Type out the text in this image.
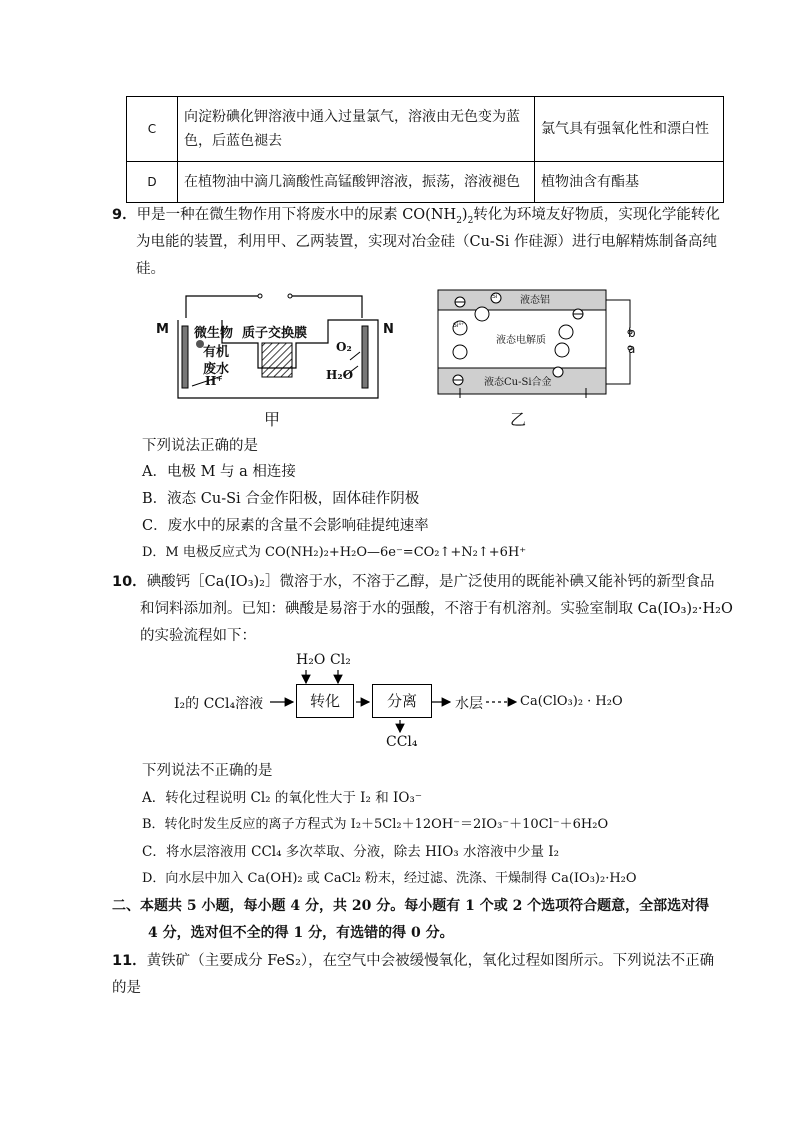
C	向淀粉碘化钾溶液中通入过量氯气，溶液由无色变为蓝色，后蓝色褪去	氯气具有强氧化性和漂白性
D	在植物油中滴几滴酸性高锰酸钾溶液，振荡，溶液褪色	植物油含有酯基
9．甲是一种在微生物作用下将废水中的尿素 $CO(NH_2)_2$转化为环境友好物质，实现化学能转化
为电能的装置，利用甲、乙两装置，实现对冶金硅（Cu-Si 作硅源）进行电解精炼制备高纯
硅。
M	N
微生物
有机
废水
H⁺
质子交换膜
O₂
H₂O
甲
液态铝
液态电解质
液态Cu-Si合金
b
a
Si⁴⁺
Si
乙
下列说法正确的是
A．电极 M 与 a 相连接
B．液态 Cu-Si 合金作阳极，固体硅作阴极
C．废水中的尿素的含量不会影响硅提纯速率
D．M 电极反应式为 CO(NH₂)₂+H₂O—6e⁻=CO₂↑+N₂↑+6H⁺
10．碘酸钙［Ca(IO₃)₂］微溶于水，不溶于乙醇，是广泛使用的既能补碘又能补钙的新型食品
和饲料添加剂。已知：碘酸是易溶于水的强酸，不溶于有机溶剂。实验室制取 Ca(IO₃)₂·H₂O
的实验流程如下：
I₂的 CCl₄溶液	转化
H₂O Cl₂
分离
CCl₄
水层	Ca(ClO₃)₂ · H₂O
下列说法不正确的是
A．转化过程说明 Cl₂ 的氧化性大于 I₂ 和 IO₃⁻
B．转化时发生反应的离子方程式为 I₂＋5Cl₂＋12OH⁻＝2IO₃⁻＋10Cl⁻＋6H₂O
C．将水层溶液用 CCl₄ 多次萃取、分液，除去 HIO₃ 水溶液中少量 I₂
D．向水层中加入 Ca(OH)₂ 或 CaCl₂ 粉末，经过滤、洗涤、干燥制得 Ca(IO₃)₂·H₂O
二、本题共 5 小题，每小题 4 分，共 20 分。每小题有 1 个或 2 个选项符合题意，全部选对得
4 分，选对但不全的得 1 分，有选错的得 0 分。
11．黄铁矿（主要成分 FeS₂），在空气中会被缓慢氧化，氧化过程如图所示。下列说法不正确
的是
